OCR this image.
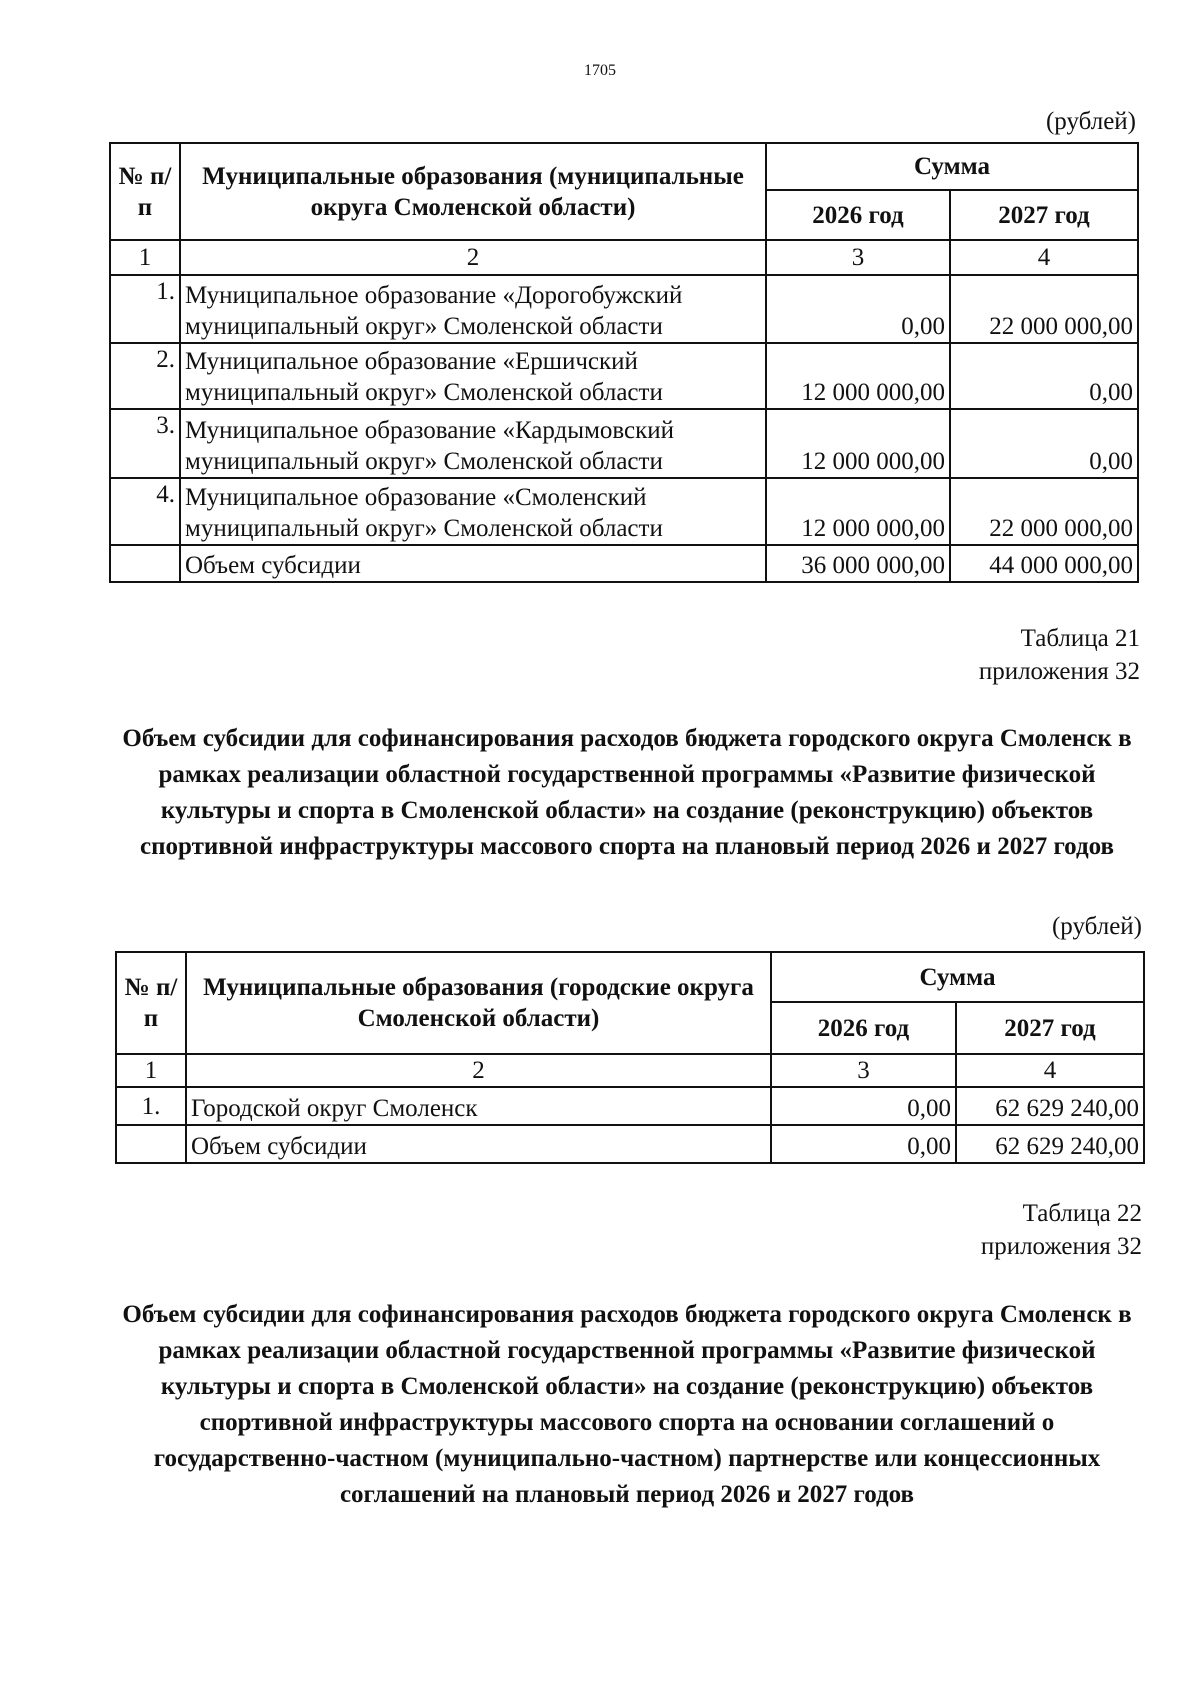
1705
(рублей)
№ п/п	Муниципальные образования (муниципальные округа Смоленской области)	Сумма	
		2026 год	2027 год
1	2	3	4
1.	Муниципальное образование «Дорогобужский муниципальный округ» Смоленской области	0,00	22 000 000,00
2.	Муниципальное образование «Ершичский муниципальный округ» Смоленской области	12 000 000,00	0,00
3.	Муниципальное образование «Кардымовский муниципальный округ» Смоленской области	12 000 000,00	0,00
4.	Муниципальное образование «Смоленский муниципальный округ» Смоленской области	12 000 000,00	22 000 000,00
	Объем субсидии	36 000 000,00	44 000 000,00
Таблица 21
приложения 32
Объем субсидии для софинансирования расходов бюджета городского округа Смоленск в рамках реализации областной государственной программы «Развитие физической культуры и спорта в Смоленской области» на создание (реконструкцию) объектов спортивной инфраструктуры массового спорта на плановый период 2026 и 2027 годов
(рублей)
№ п/п	Муниципальные образования (городские округа Смоленской области)	Сумма	
		2026 год	2027 год
1	2	3	4
1.	Городской округ Смоленск	0,00	62 629 240,00
	Объем субсидии	0,00	62 629 240,00
Таблица 22
приложения 32
Объем субсидии для софинансирования расходов бюджета городского округа Смоленск в рамках реализации областной государственной программы «Развитие физической культуры и спорта в Смоленской области» на создание (реконструкцию) объектов спортивной инфраструктуры массового спорта на основании соглашений о государственно-частном (муниципально-частном) партнерстве или концессионных соглашений на плановый период 2026 и 2027 годов
